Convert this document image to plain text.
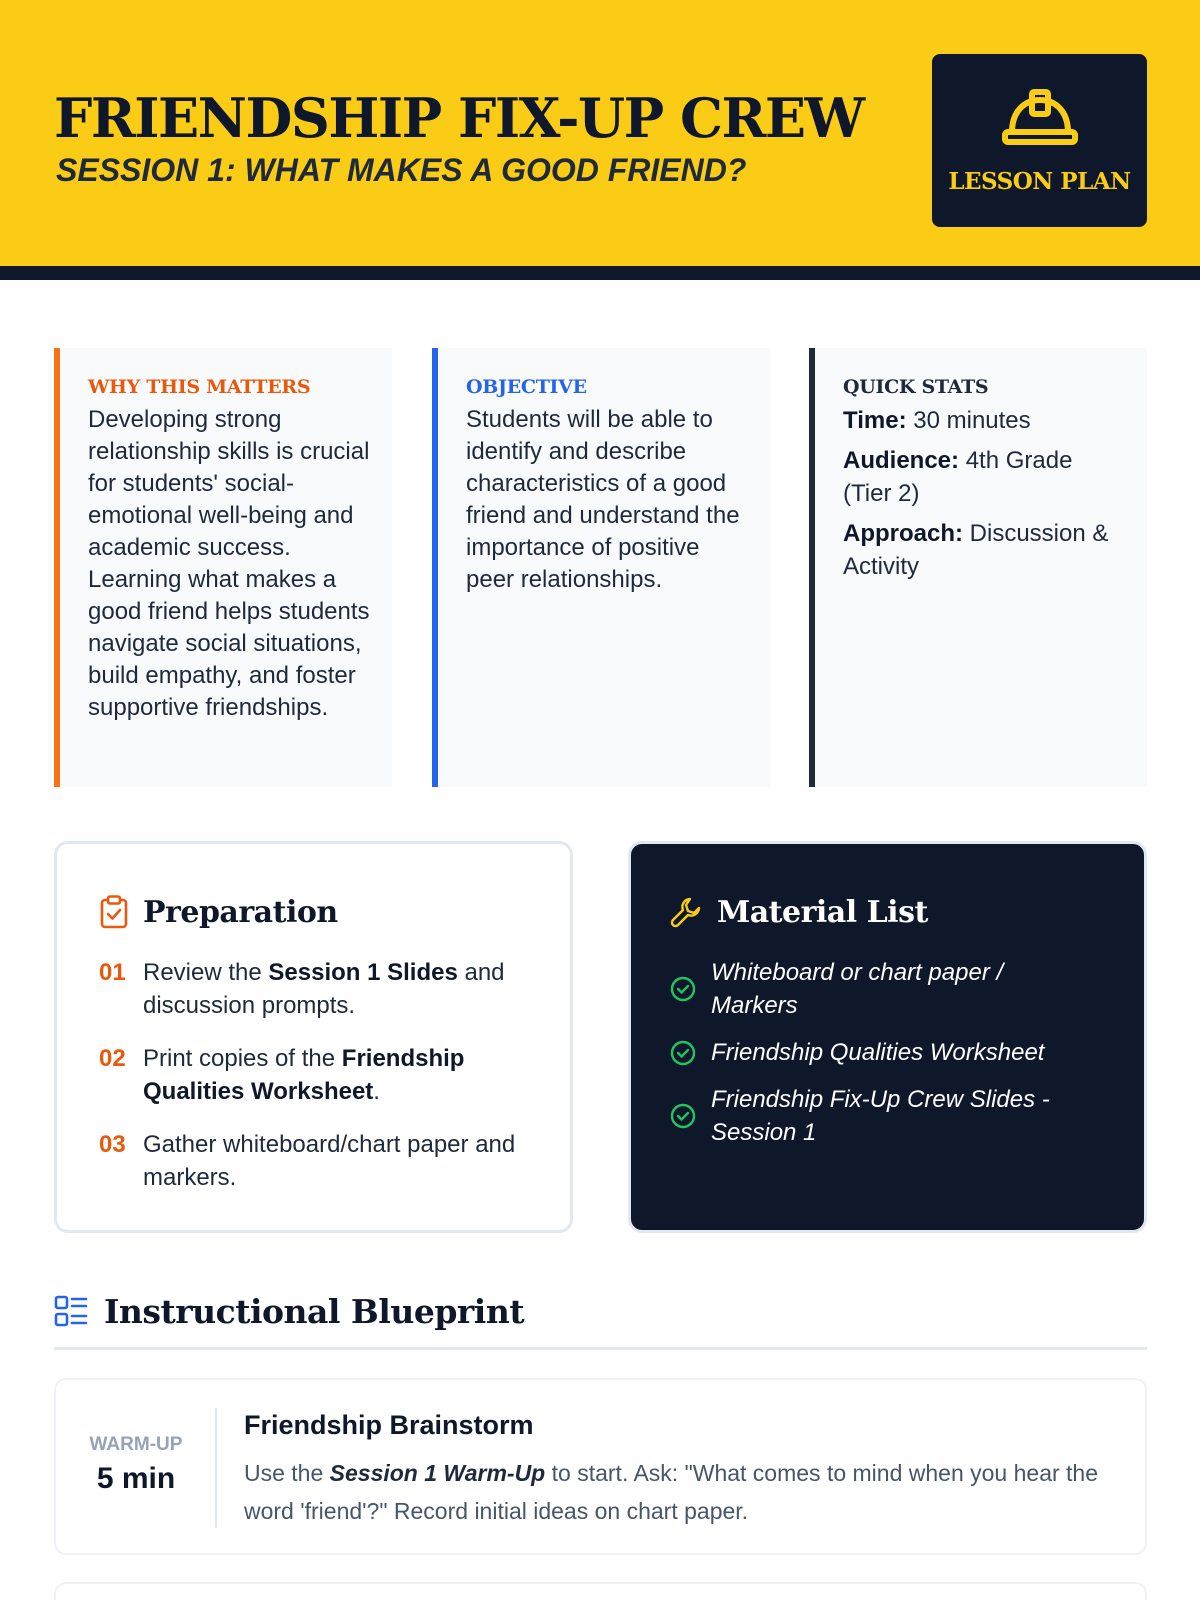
FRIENDSHIP FIX-UP CREW
SESSION 1: WHAT MAKES A GOOD FRIEND?	LESSON PLAN
WHY THIS MATTERS
Developing strong relationship skills is crucial for students' social-emotional well-being and academic success. Learning what makes a good friend helps students navigate social situations, build empathy, and foster supportive friendships.
OBJECTIVE
Students will be able to identify and describe characteristics of a good friend and understand the importance of positive peer relationships.
QUICK STATS
Time: 30 minutes
Audience: 4th Grade (Tier 2)
Approach: Discussion & Activity
Preparation
01 Review the Session 1 Slides and discussion prompts.
02 Print copies of the Friendship Qualities Worksheet.
03 Gather whiteboard/chart paper and markers.
Material List
Whiteboard or chart paper / Markers
Friendship Qualities Worksheet
Friendship Fix-Up Crew Slides - Session 1
Instructional Blueprint
WARM-UP
5 min
Friendship Brainstorm
Use the Session 1 Warm-Up to start. Ask: "What comes to mind when you hear the word 'friend'?" Record initial ideas on chart paper.
